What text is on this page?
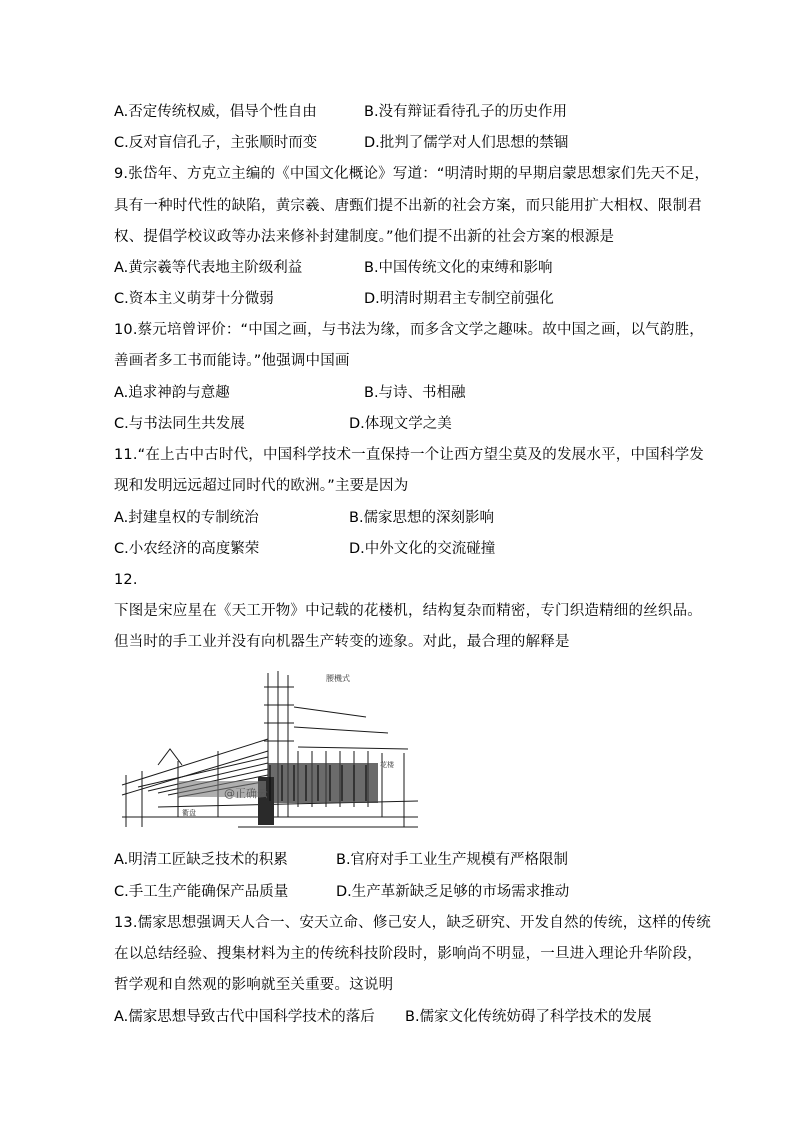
A.否定传统权威，倡导个性自由	B.没有辩证看待孔子的历史作用
C.反对盲信孔子，主张顺时而变	D.批判了儒学对人们思想的禁锢
9.张岱年、方克立主编的《中国文化概论》写道：“明清时期的早期启蒙思想家们先天不足，
具有一种时代性的缺陷，黄宗羲、唐甄们提不出新的社会方案，而只能用扩大相权、限制君
权、提倡学校议政等办法来修补封建制度。”他们提不出新的社会方案的根源是
A.黄宗羲等代表地主阶级利益	B.中国传统文化的束缚和影响
C.资本主义萌芽十分微弱	D.明清时期君主专制空前强化
10.蔡元培曾评价：“中国之画，与书法为缘，而多含文学之趣味。故中国之画，以气韵胜，
善画者多工书而能诗。”他强调中国画
A.追求神韵与意趣	B.与诗、书相融
C.与书法同生共发展	D.体现文学之美
11.“在上古中古时代，中国科学技术一直保持一个让西方望尘莫及的发展水平，中国科学发
现和发明远远超过同时代的欧洲。”主要是因为
A.封建皇权的专制统治	B.儒家思想的深刻影响
C.小农经济的高度繁荣	D.中外文化的交流碰撞
12.
下图是宋应星在《天工开物》中记载的花楼机，结构复杂而精密，专门织造精细的丝织品。
但当时的手工业并没有向机器生产转变的迹象。对此，最合理的解释是
腰機式
@正确云
花楼
衢盘
A.明清工匠缺乏技术的积累	B.官府对手工业生产规模有严格限制
C.手工生产能确保产品质量	D.生产革新缺乏足够的市场需求推动
13.儒家思想强调天人合一、安天立命、修己安人，缺乏研究、开发自然的传统，这样的传统
在以总结经验、搜集材料为主的传统科技阶段时，影响尚不明显，一旦进入理论升华阶段，
哲学观和自然观的影响就至关重要。这说明
A.儒家思想导致古代中国科学技术的落后 B.儒家文化传统妨碍了科学技术的发展
